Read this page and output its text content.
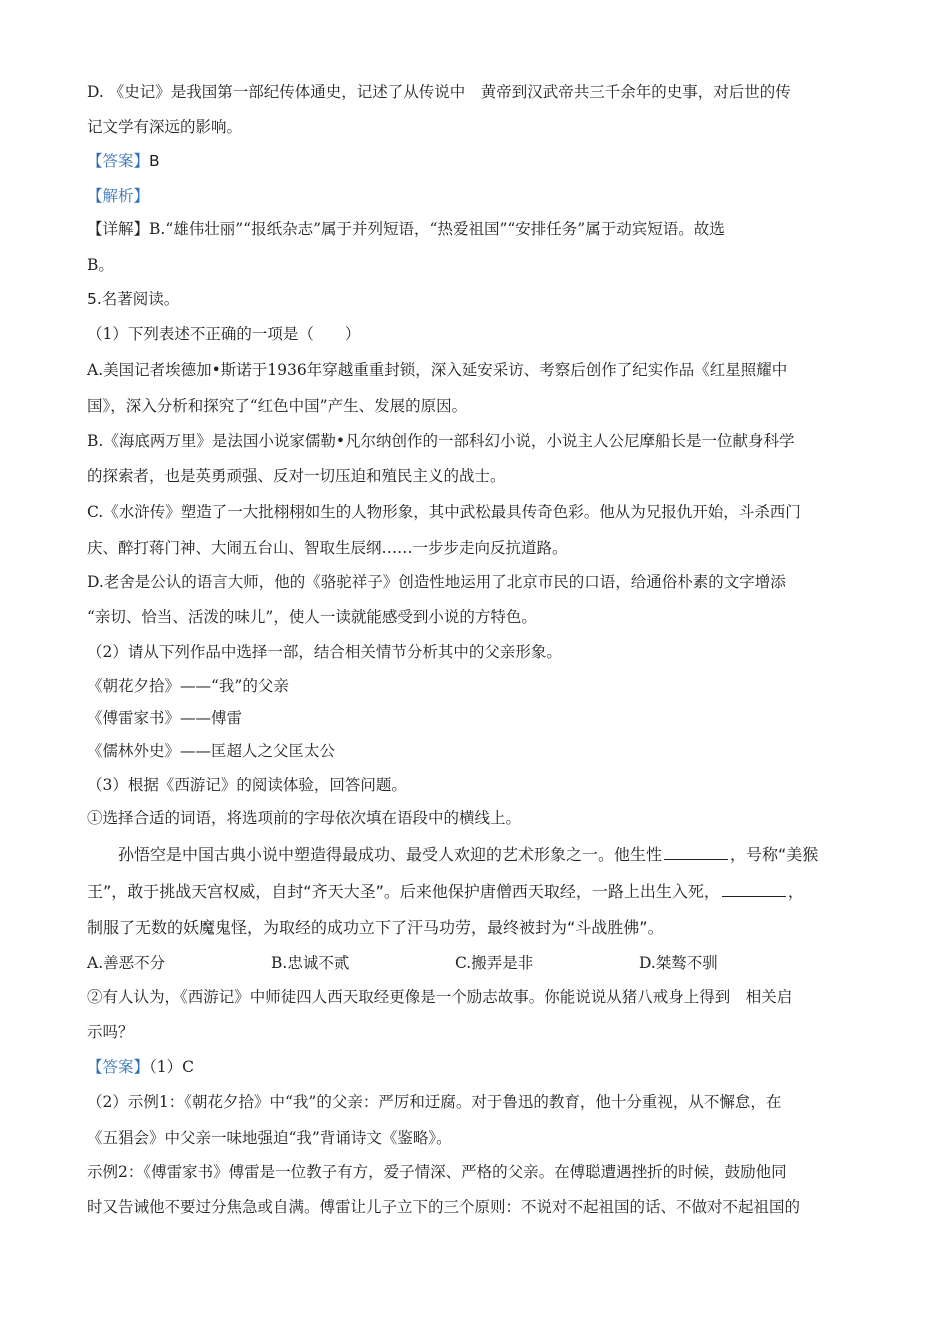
D. 《史记》是我国第一部纪传体通史，记述了从传说中　黄帝到汉武帝共三千余年的史事，对后世的传
记文学有深远的影响。
【答案】B
【解析】
【详解】B.“雄伟壮丽”“报纸杂志”属于并列短语，“热爱祖国”“安排任务”属于动宾短语。故选
B。
5.名著阅读。
（1）下列表述不正确的一项是（　　）
A.美国记者埃德加•斯诺于1936年穿越重重封锁，深入延安采访、考察后创作了纪实作品《红星照耀中
国》，深入分析和探究了“红色中国”产生、发展的原因。
B.《海底两万里》是法国小说家儒勒•凡尔纳创作的一部科幻小说，小说主人公尼摩船长是一位献身科学
的探索者，也是英勇顽强、反对一切压迫和殖民主义的战士。
C.《水浒传》塑造了一大批栩栩如生的人物形象，其中武松最具传奇色彩。他从为兄报仇开始，斗杀西门
庆、醉打蒋门神、大闹五台山、智取生辰纲……一步步走向反抗道路。
D.老舍是公认的语言大师，他的《骆驼祥子》创造性地运用了北京市民的口语，给通俗朴素的文字增添
“亲切、恰当、活泼的味儿”，使人一读就能感受到小说的方特色。
（2）请从下列作品中选择一部，结合相关情节分析其中的父亲形象。
《朝花夕拾》——“我”的父亲
《傅雷家书》——傅雷
《儒林外史》——匡超人之父匡太公
（3）根据《西游记》的阅读体验，回答问题。
①选择合适的词语，将选项前的字母依次填在语段中的横线上。
孙悟空是中国古典小说中塑造得最成功、最受人欢迎的艺术形象之一。他生性	，号称“美猴
王”，敢于挑战天宫权威，自封“齐天大圣”。后来他保护唐僧西天取经，一路上出生入死，	，
制服了无数的妖魔鬼怪，为取经的成功立下了汗马功劳，最终被封为“斗战胜佛”。
A.善恶不分	B.忠诚不贰	C.搬弄是非	D.桀骜不驯
②有人认为，《西游记》中师徒四人西天取经更像是一个励志故事。你能说说从猪八戒身上得到　相关启
示吗？
【答案】（1）C
（2）示例1：《朝花夕拾》中“我”的父亲：严厉和迂腐。对于鲁迅的教育，他十分重视，从不懈怠，在
《五猖会》中父亲一味地强迫“我”背诵诗文《鉴略》。
示例2：《傅雷家书》傅雷是一位教子有方，爱子情深、严格的父亲。在傅聪遭遇挫折的时候，鼓励他同
时又告诫他不要过分焦急或自满。傅雷让儿子立下的三个原则：不说对不起祖国的话、不做对不起祖国的
